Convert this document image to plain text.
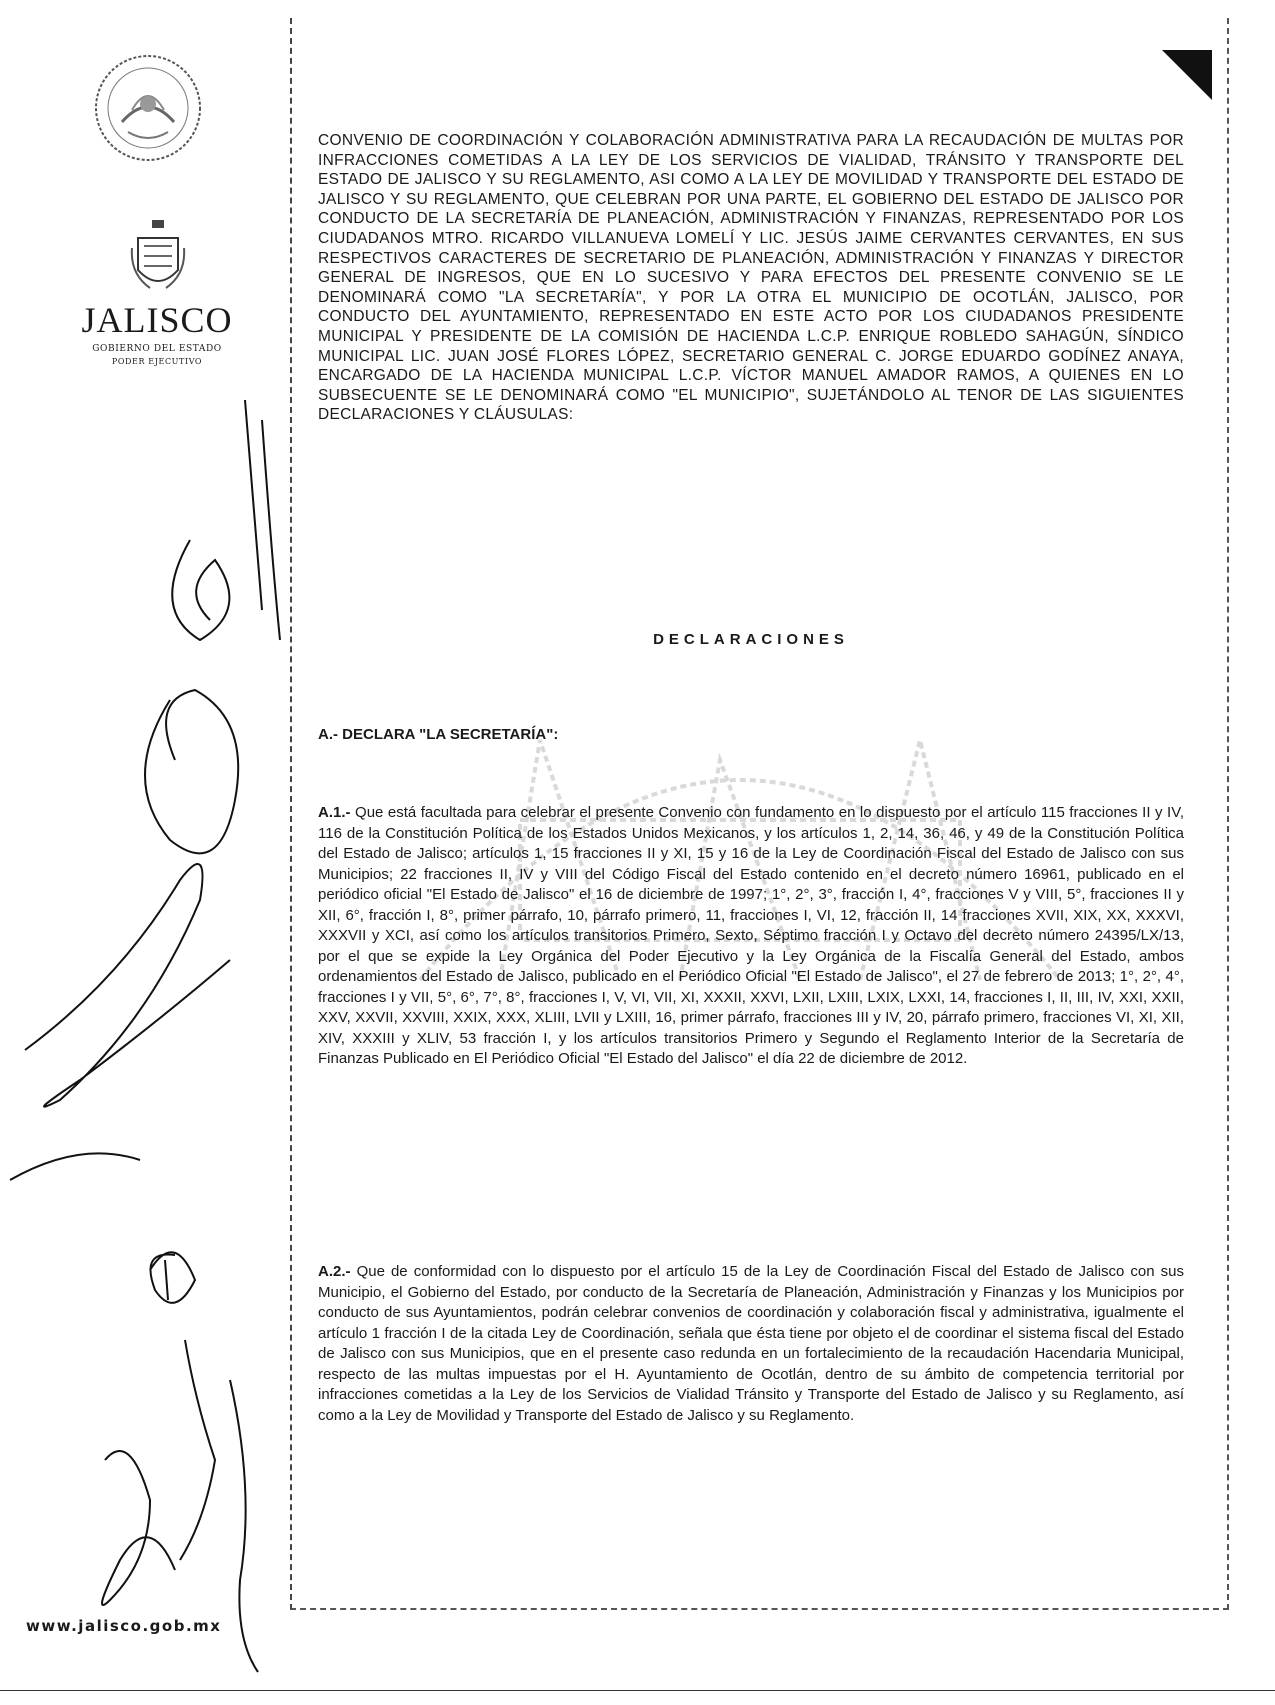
JALISCO
GOBIERNO DEL ESTADO
PODER EJECUTIVO
www.jalisco.gob.mx
CONVENIO DE COORDINACIÓN Y COLABORACIÓN ADMINISTRATIVA PARA LA RECAUDACIÓN DE MULTAS POR INFRACCIONES COMETIDAS A LA LEY DE LOS SERVICIOS DE VIALIDAD, TRÁNSITO Y TRANSPORTE DEL ESTADO DE JALISCO Y SU REGLAMENTO, ASI COMO A LA LEY DE MOVILIDAD Y TRANSPORTE DEL ESTADO DE JALISCO Y SU REGLAMENTO, QUE CELEBRAN POR UNA PARTE, EL GOBIERNO DEL ESTADO DE JALISCO POR CONDUCTO DE LA SECRETARÍA DE PLANEACIÓN, ADMINISTRACIÓN Y FINANZAS, REPRESENTADO POR LOS CIUDADANOS MTRO. RICARDO VILLANUEVA LOMELÍ Y LIC. JESÚS JAIME CERVANTES CERVANTES, EN SUS RESPECTIVOS CARACTERES DE SECRETARIO DE PLANEACIÓN, ADMINISTRACIÓN Y FINANZAS Y DIRECTOR GENERAL DE INGRESOS, QUE EN LO SUCESIVO Y PARA EFECTOS DEL PRESENTE CONVENIO SE LE DENOMINARÁ COMO "LA SECRETARÍA", Y POR LA OTRA EL MUNICIPIO DE OCOTLÁN, JALISCO, POR CONDUCTO DEL AYUNTAMIENTO, REPRESENTADO EN ESTE ACTO POR LOS CIUDADANOS PRESIDENTE MUNICIPAL Y PRESIDENTE DE LA COMISIÓN DE HACIENDA L.C.P. ENRIQUE ROBLEDO SAHAGÚN, SÍNDICO MUNICIPAL LIC. JUAN JOSÉ FLORES LÓPEZ, SECRETARIO GENERAL C. JORGE EDUARDO GODÍNEZ ANAYA, ENCARGADO DE LA HACIENDA MUNICIPAL L.C.P. VÍCTOR MANUEL AMADOR RAMOS, A QUIENES EN LO SUBSECUENTE SE LE DENOMINARÁ COMO "EL MUNICIPIO", SUJETÁNDOLO AL TENOR DE LAS SIGUIENTES DECLARACIONES Y CLÁUSULAS:
DECLARACIONES
A.- DECLARA "LA SECRETARÍA":
A.1.- Que está facultada para celebrar el presente Convenio con fundamento en lo dispuesto por el artículo 115 fracciones II y IV, 116 de la Constitución Política de los Estados Unidos Mexicanos, y los artículos 1, 2, 14, 36, 46, y 49 de la Constitución Política del Estado de Jalisco; artículos 1, 15 fracciones II y XI, 15 y 16 de la Ley de Coordinación Fiscal del Estado de Jalisco con sus Municipios; 22 fracciones II, IV y VIII del Código Fiscal del Estado contenido en el decreto número 16961, publicado en el periódico oficial "El Estado de Jalisco" el 16 de diciembre de 1997; 1°, 2°, 3°, fracción I, 4°, fracciones V y VIII, 5°, fracciones II y XII, 6°, fracción I, 8°, primer párrafo, 10, párrafo primero, 11, fracciones I, VI, 12, fracción II, 14 fracciones XVII, XIX, XX, XXXVI, XXXVII y XCI, así como los artículos transitorios Primero, Sexto, Séptimo fracción I y Octavo del decreto número 24395/LX/13, por el que se expide la Ley Orgánica del Poder Ejecutivo y la Ley Orgánica de la Fiscalía General del Estado, ambos ordenamientos del Estado de Jalisco, publicado en el Periódico Oficial "El Estado de Jalisco", el 27 de febrero de 2013; 1°, 2°, 4°, fracciones I y VII, 5°, 6°, 7°, 8°, fracciones I, V, VI, VII, XI, XXXII, XXVI, LXII, LXIII, LXIX, LXXI, 14, fracciones I, II, III, IV, XXI, XXII, XXV, XXVII, XXVIII, XXIX, XXX, XLIII, LVII y LXIII, 16, primer párrafo, fracciones III y IV, 20, párrafo primero, fracciones VI, XI, XII, XIV, XXXIII y XLIV, 53 fracción I, y los artículos transitorios Primero y Segundo el Reglamento Interior de la Secretaría de Finanzas Publicado en El Periódico Oficial "El Estado del Jalisco" el día 22 de diciembre de 2012.
A.2.- Que de conformidad con lo dispuesto por el artículo 15 de la Ley de Coordinación Fiscal del Estado de Jalisco con sus Municipio, el Gobierno del Estado, por conducto de la Secretaría de Planeación, Administración y Finanzas y los Municipios por conducto de sus Ayuntamientos, podrán celebrar convenios de coordinación y colaboración fiscal y administrativa, igualmente el artículo 1 fracción I de la citada Ley de Coordinación, señala que ésta tiene por objeto el de coordinar el sistema fiscal del Estado de Jalisco con sus Municipios, que en el presente caso redunda en un fortalecimiento de la recaudación Hacendaria Municipal, respecto de las multas impuestas por el H. Ayuntamiento de Ocotlán, dentro de su ámbito de competencia territorial por infracciones cometidas a la Ley de los Servicios de Vialidad Tránsito y Transporte del Estado de Jalisco y su Reglamento, así como a la Ley de Movilidad y Transporte del Estado de Jalisco y su Reglamento.
